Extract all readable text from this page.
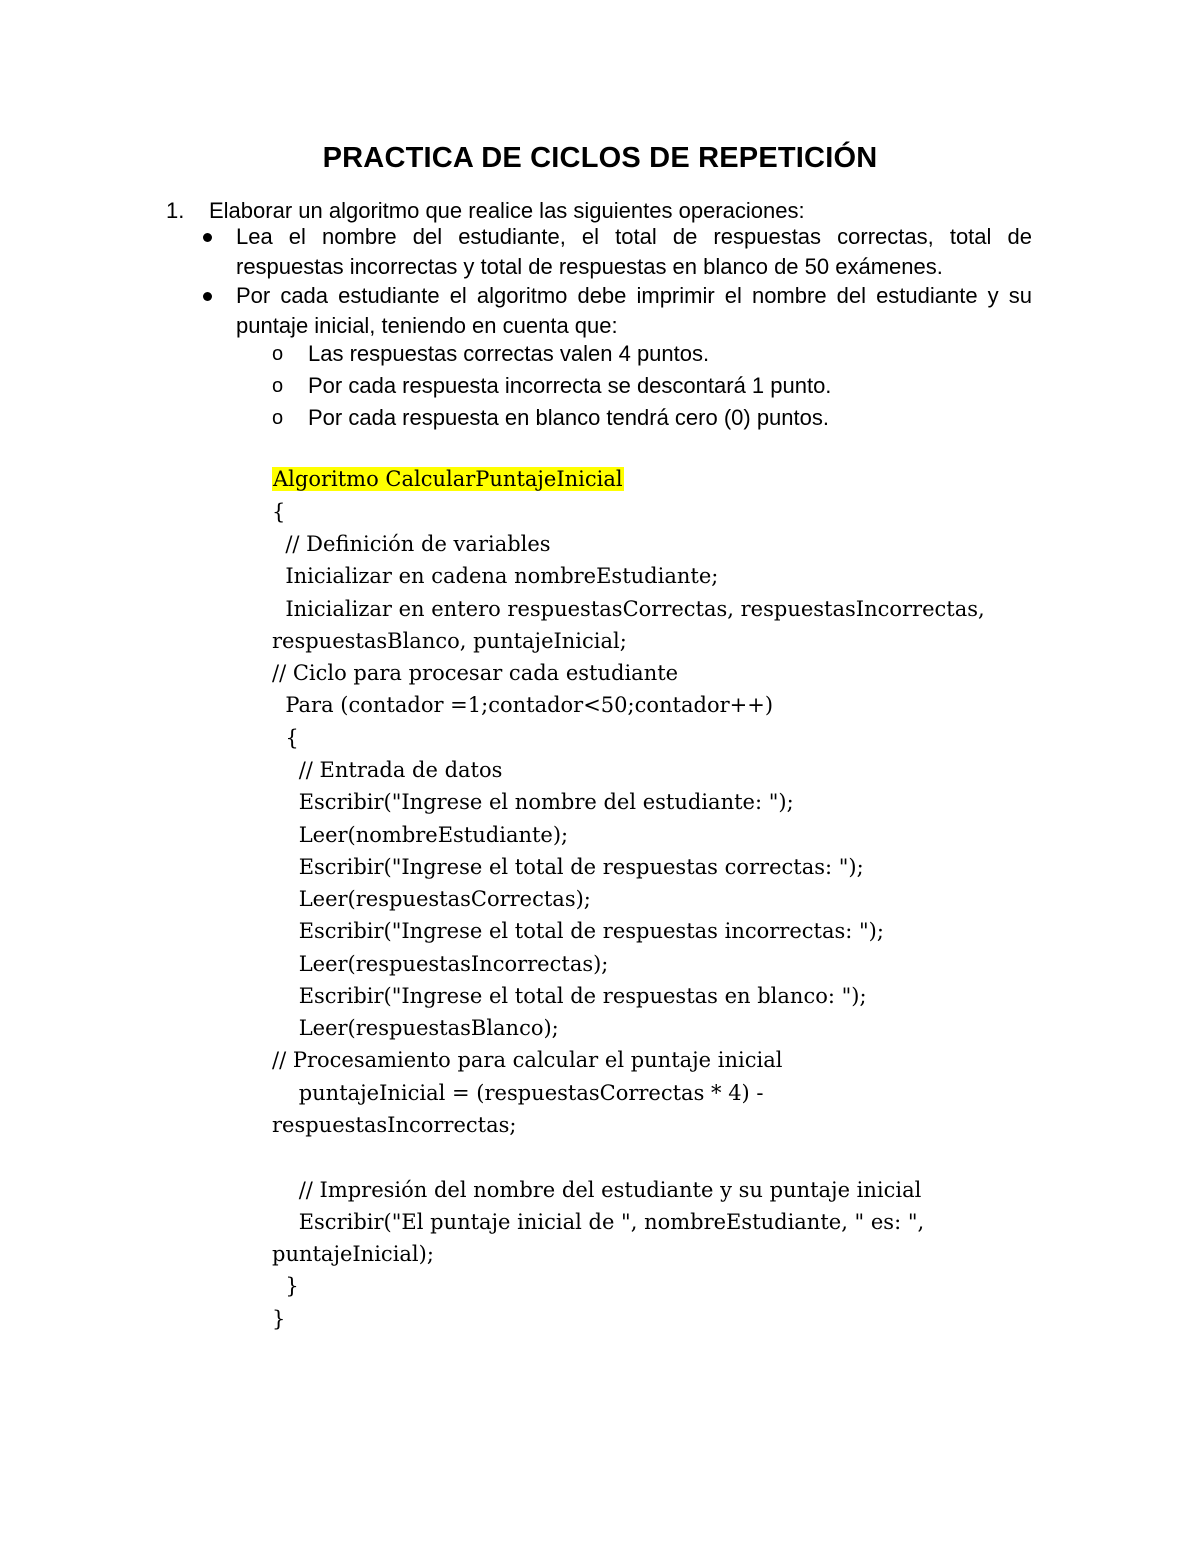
PRACTICA DE CICLOS DE REPETICIÓN
1. Elaborar un algoritmo que realice las siguientes operaciones:
Lea el nombre del estudiante, el total de respuestas correctas, total de respuestas incorrectas y total de respuestas en blanco de 50 exámenes.
Por cada estudiante el algoritmo debe imprimir el nombre del estudiante y su puntaje inicial, teniendo en cuenta que:
o Las respuestas correctas valen 4 puntos.
o Por cada respuesta incorrecta se descontará 1 punto.
o Por cada respuesta en blanco tendrá cero (0) puntos.
Algoritmo CalcularPuntajeInicial
{
// Definición de variables
Inicializar en cadena nombreEstudiante;
Inicializar en entero respuestasCorrectas, respuestasIncorrectas,
respuestasBlanco, puntajeInicial;
// Ciclo para procesar cada estudiante
Para (contador =1;contador<50;contador++)
{
// Entrada de datos
Escribir("Ingrese el nombre del estudiante: ");
Leer(nombreEstudiante);
Escribir("Ingrese el total de respuestas correctas: ");
Leer(respuestasCorrectas);
Escribir("Ingrese el total de respuestas incorrectas: ");
Leer(respuestasIncorrectas);
Escribir("Ingrese el total de respuestas en blanco: ");
Leer(respuestasBlanco);
// Procesamiento para calcular el puntaje inicial
puntajeInicial = (respuestasCorrectas * 4) -
respuestasIncorrectas;
// Impresión del nombre del estudiante y su puntaje inicial
Escribir("El puntaje inicial de ", nombreEstudiante, " es: ",
puntajeInicial);
}
}
